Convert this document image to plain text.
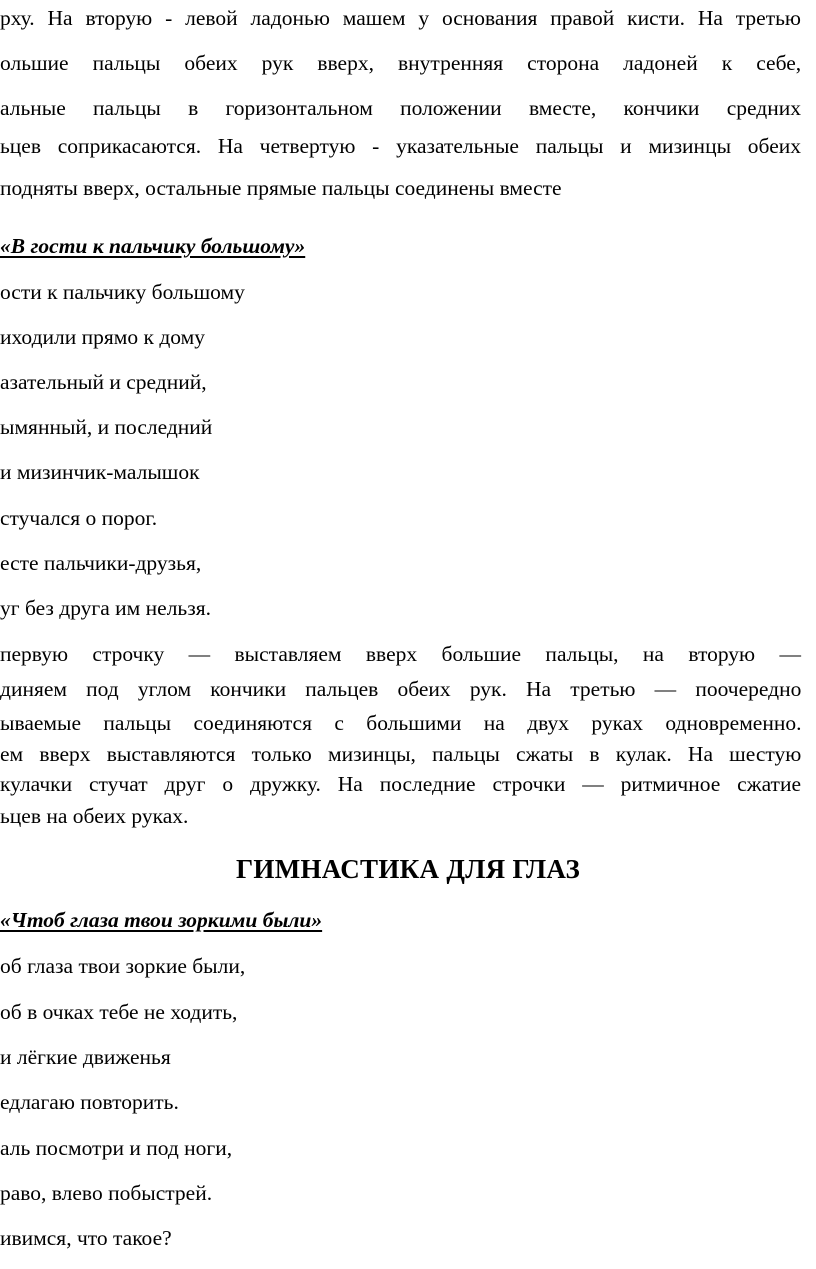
рху. На вторую - левой ладонью машем у основания правой кисти. На третью
ольшие пальцы обеих рук вверх, внутренняя сторона ладоней к себе,
альные пальцы в горизонтальном положении вместе, кончики средних
ьцев соприкасаются. На четвертую - указательные пальцы и мизинцы обеих
подняты вверх, остальные прямые пальцы соединены вместе
«В гости к пальчику большому»
ости к пальчику большому
иходили прямо к дому
азательный и средний,
ымянный, и последний
и мизинчик-малышок
стучался о порог.
есте пальчики-друзья,
уг без друга им нельзя.
первую строчку — выставляем вверх большие пальцы, на вторую —
диняем под углом кончики пальцев обеих рук. На третью — поочередно
ываемые пальцы соединяются с большими на двух руках одновременно.
ем вверх выставляются только мизинцы, пальцы сжаты в кулак. На шестую
кулачки стучат друг о дружку. На последние строчки — ритмичное сжатие
ьцев на обеих руках.
ГИМНАСТИКА ДЛЯ ГЛАЗ
«Чтоб глаза твои зоркими были»
об глаза твои зоркие были,
об в очках тебе не ходить,
и лёгкие движенья
едлагаю повторить.
аль посмотри и под ноги,
раво, влево побыстрей.
ивимся, что такое?
